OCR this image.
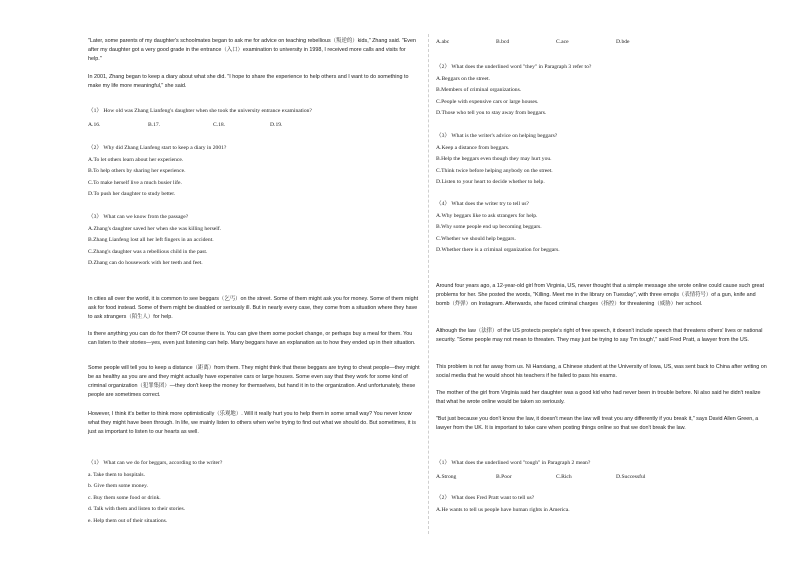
"Later, some parents of my daughter's schoolmates began to ask me for advice on teaching rebellious（叛逆的）kids," Zhang said. "Even after my daughter got a very good grade in the entrance（入口）examination to university in 1998, I received more calls and visits for help."

In 2001, Zhang began to keep a diary about what she did. "I hope to share the experience to help others and I want to do something to make my life more meaningful," she said.

（1） How old was Zhang Lianfeng's daughter when she took the university entrance examination?

A.16.	B.17.	C.18.	D.19.

（2） Why did Zhang Lianfeng start to keep a diary in 2001?

A.To let others learn about her experience.

B.To help others by sharing her experience.

C.To make herself live a much busier life.

D.To push her daughter to study better.

（3） What can we know from the passage?

A.Zhang's daughter saved her when she was killing herself.

B.Zhang Lianfeng lost all her left fingers in an accident.

C.Zhang's daughter was a rebellious child in the past.

D.Zhang can do housework with her teeth and feet.

In cities all over the world, it is common to see beggars（乞丐）on the street. Some of them might ask you for money. Some of them might ask for food instead. Some of them might be disabled or seriously ill. But in nearly every case, they come from a situation where they have to ask strangers（陌生人）for help.

Is there anything you can do for them? Of course there is. You can give them some pocket change, or perhaps buy a meal for them. You can listen to their stories—yes, even just listening can help. Many beggars have an explanation as to how they ended up in their situation.

Some people will tell you to keep a distance（距离）from them. They might think that these beggars are trying to cheat people—they might be as healthy as you are and they might actually have expensive cars or large houses. Some even say that they work for some kind of criminal organization（犯罪集团）—they don't keep the money for themselves, but hand it in to the organization. And unfortunately, these people are sometimes correct.

However, I think it's better to think more optimistically（乐观地）. Will it really hurt you to help them in some small way? You never know what they might have been through. In life, we mainly listen to others when we're trying to find out what we should do. But sometimes, it is just as important to listen to our hearts as well.

（1） What can we do for beggars, according to the writer?

a. Take them to hospitals.

b. Give them some money.

c. Buy them some food or drink.

d. Talk with them and listen to their stories.

e. Help them out of their situations.

A.abc	B.bcd	C.ace	D.bde

（2） What does the underlined word "they" in Paragraph 3 refer to?

A.Beggars on the street.

B.Members of criminal organizations.

C.People with expensive cars or large houses.

D.Those who tell you to stay away from beggars.

（3） What is the writer's advice on helping beggars?

A.Keep a distance from beggars.

B.Help the beggars even though they may hurt you.

C.Think twice before helping anybody on the street.

D.Listen to your heart to decide whether to help.

（4） What does the writer try to tell us?

A.Why beggars like to ask strangers for help.

B.Why some people end up becoming beggars.

C.Whether we should help beggars.

D.Whether there is a criminal organization for beggars.

Around four years ago, a 12-year-old girl from Virginia, US, never thought that a simple message she wrote online could cause such great problems for her. She posted the words, "Killing. Meet me in the library on Tuesday", with three emojis（表情符号）of a gun, knife and bomb（炸弹）on Instagram. Afterwards, she faced criminal charges（指控）for threatening（威胁）her school.

Although the law（法律）of the US protects people's right of free speech, it doesn't include speech that threatens others' lives or national security. "Some people may not mean to threaten. They may just be trying to say 'I'm tough'," said Fred Pratt, a lawyer from the US.

This problem is not far away from us. Ni Hanxiang, a Chinese student at the University of Iowa, US, was sent back to China after writing on social media that he would shoot his teachers if he failed to pass his exams.

The mother of the girl from Virginia said her daughter was a good kid who had never been in trouble before. Ni also said he didn't realize that what he wrote online would be taken so seriously.

"But just because you don't know the law, it doesn't mean the law will treat you any differently if you break it," says David Allen Green, a lawyer from the UK. It is important to take care when posting things online so that we don't break the law.

（1） What does the underlined word "tough" in Paragraph 2 mean?

A.Strong	B.Poor	C.Rich	D.Successful

（2） What does Fred Pratt want to tell us?

A.He wants to tell us people have human rights in America.
